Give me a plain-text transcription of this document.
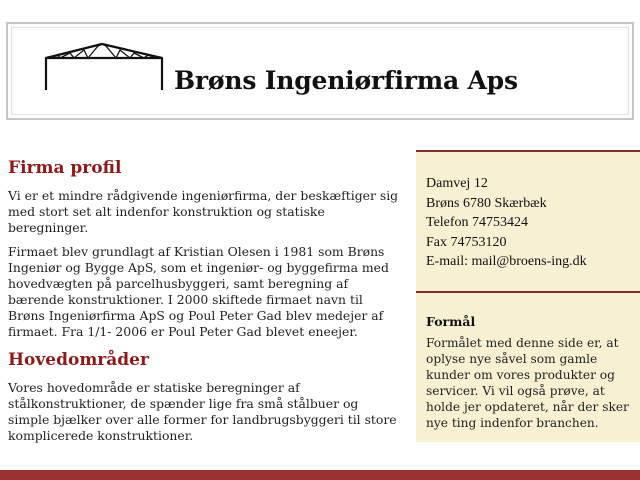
Brøns Ingeniørfirma Aps
Firma profil

Vi er et mindre rådgivende ingeniørfirma, der beskæftiger sig med stort set alt indenfor konstruktion og statiske beregninger.

Firmaet blev grundlagt af Kristian Olesen i 1981 som Brøns Ingeniør og Bygge ApS, som et ingeniør- og byggefirma med hovedvægten på parcelhusbyggeri, samt beregning af bærende konstruktioner. I 2000 skiftede firmaet navn til Brøns Ingeniørfirma ApS og Poul Peter Gad blev medejer af firmaet. Fra 1/1- 2006 er Poul Peter Gad blevet eneejer.

Hovedområder

Vores hovedområde er statiske beregninger af stålkonstruktioner, de spænder lige fra små stålbuer og simple bjælker over alle former for landbrugsbyggeri til store komplicerede konstruktioner.

Damvej 12
Brøns 6780 Skærbæk
Telefon 74753424
Fax 74753120
E-mail: mail@broens-ing.dk
Formål

Formålet med denne side er, at oplyse nye såvel som gamle kunder om vores produkter og servicer. Vi vil også prøve, at holde jer opdateret, når der sker nye ting indenfor branchen.
